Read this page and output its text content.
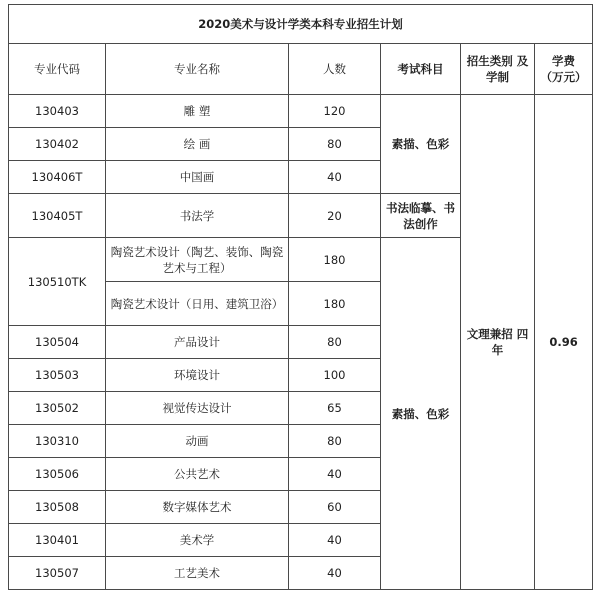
2020美术与设计学类本科专业招生计划					
专业代码	专业名称	人数	考试科目	招生类别 及学制	学费 （万元）
130403	雕 塑	120	素描、色彩	文理兼招 四年	0.96
130402	绘 画	80			
130406T	中国画	40			
130405T	书法学	20	书法临摹、书法创作		
130510TK	陶瓷艺术设计（陶艺、装饰、陶瓷艺术与工程）	180	素描、色彩		
	陶瓷艺术设计（日用、建筑卫浴）	180			
130504	产品设计	80			
130503	环境设计	100			
130502	视觉传达设计	65			
130310	动画	80			
130506	公共艺术	40			
130508	数字媒体艺术	60			
130401	美术学	40			
130507	工艺美术	40			
